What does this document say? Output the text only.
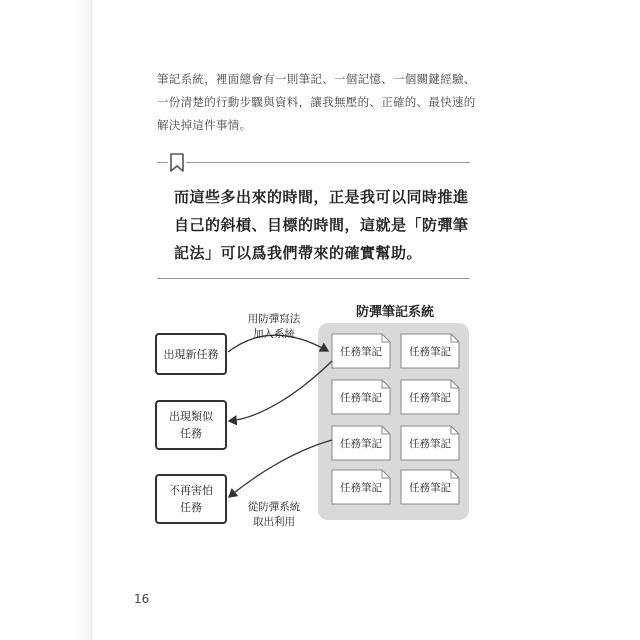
筆記系統，裡面總會有一則筆記、一個記憶、一個關鍵經驗、
一份清楚的行動步驟與資料，讓我無壓的、正確的、最快速的
解決掉這件事情。
而這些多出來的時間，正是我可以同時推進
自己的斜槓、目標的時間，這就是「防彈筆
記法」可以爲我們帶來的確實幫助。
防彈筆記系統
任務筆記	任務筆記
任務筆記	任務筆記
任務筆記	任務筆記
任務筆記	任務筆記
出現新任務
出現類似
任務
不再害怕
任務
用防彈寫法
加入系統
從防彈系統
取出利用
16
